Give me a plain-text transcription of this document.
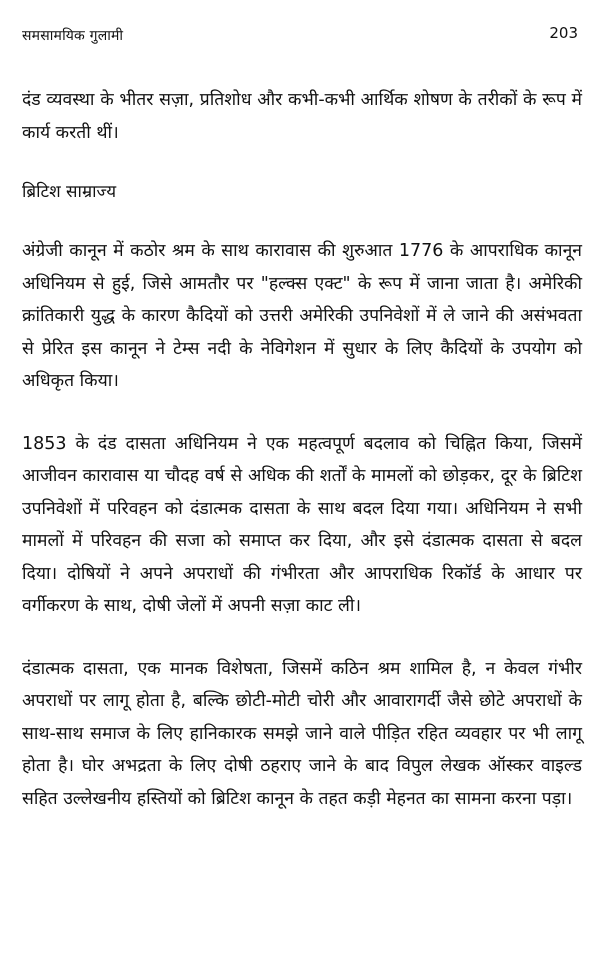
समसामयिक गुलामी	203

दंड व्यवस्था के भीतर सज़ा, प्रतिशोध और कभी-कभी आर्थिक शोषण के तरीकों के रूप में कार्य करती थीं।

ब्रिटिश साम्राज्य

अंग्रेजी कानून में कठोर श्रम के साथ कारावास की शुरुआत 1776 के आपराधिक कानून अधिनियम से हुई, जिसे आमतौर पर "हल्क्स एक्ट" के रूप में जाना जाता है। अमेरिकी क्रांतिकारी युद्ध के कारण कैदियों को उत्तरी अमेरिकी उपनिवेशों में ले जाने की असंभवता से प्रेरित इस कानून ने टेम्स नदी के नेविगेशन में सुधार के लिए कैदियों के उपयोग को अधिकृत किया।

1853 के दंड दासता अधिनियम ने एक महत्वपूर्ण बदलाव को चिह्नित किया, जिसमें आजीवन कारावास या चौदह वर्ष से अधिक की शर्तों के मामलों को छोड़कर, दूर के ब्रिटिश उपनिवेशों में परिवहन को दंडात्मक दासता के साथ बदल दिया गया। अधिनियम ने सभी मामलों में परिवहन की सजा को समाप्त कर दिया, और इसे दंडात्मक दासता से बदल दिया। दोषियों ने अपने अपराधों की गंभीरता और आपराधिक रिकॉर्ड के आधार पर वर्गीकरण के साथ, दोषी जेलों में अपनी सज़ा काट ली।

दंडात्मक दासता, एक मानक विशेषता, जिसमें कठिन श्रम शामिल है, न केवल गंभीर अपराधों पर लागू होता है, बल्कि छोटी-मोटी चोरी और आवारागर्दी जैसे छोटे अपराधों के साथ-साथ समाज के लिए हानिकारक समझे जाने वाले पीड़ित रहित व्यवहार पर भी लागू होता है। घोर अभद्रता के लिए दोषी ठहराए जाने के बाद विपुल लेखक ऑस्कर वाइल्ड सहित उल्लेखनीय हस्तियों को ब्रिटिश कानून के तहत कड़ी मेहनत का सामना करना पड़ा।
